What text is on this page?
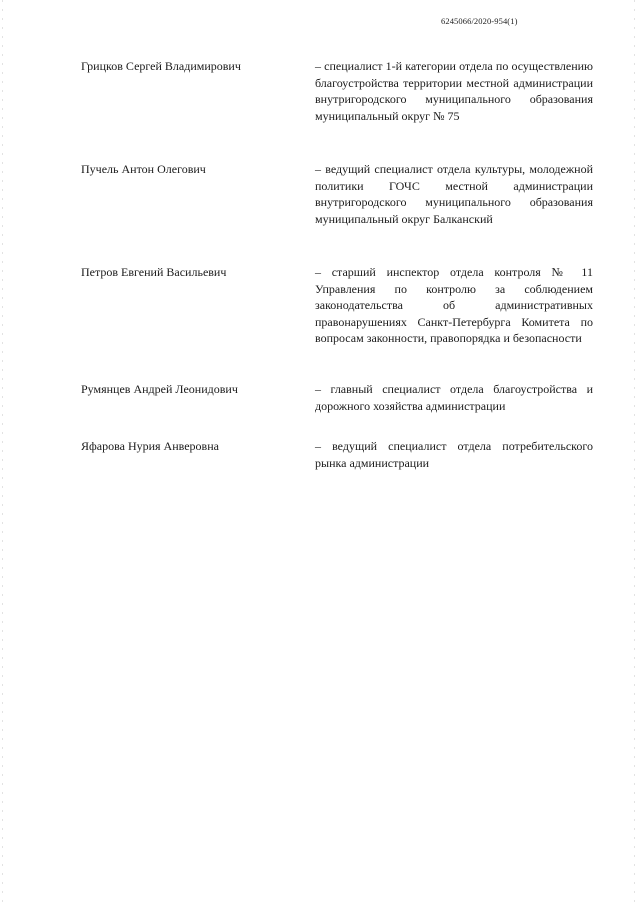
6245066/2020-954(1)
Грицков Сергей Владимирович	– специалист 1-й категории отдела по осуществлению благоустройства территории местной администрации внутригородского муниципального образования муниципальный округ № 75
Пучель Антон Олегович	– ведущий специалист отдела культуры, молодежной политики ГОЧС местной администрации внутригородского муниципального образования муниципальный округ Балканский
Петров Евгений Васильевич	– старший инспектор отдела контроля № 11 Управления по контролю за соблюдением законодательства об административных правонарушениях Санкт-Петербурга Комитета по вопросам законности, правопорядка и безопасности
Румянцев Андрей Леонидович	– главный специалист отдела благоустройства и дорожного хозяйства администрации
Яфарова Нурия Анверовна	– ведущий специалист отдела потребительского рынка администрации
